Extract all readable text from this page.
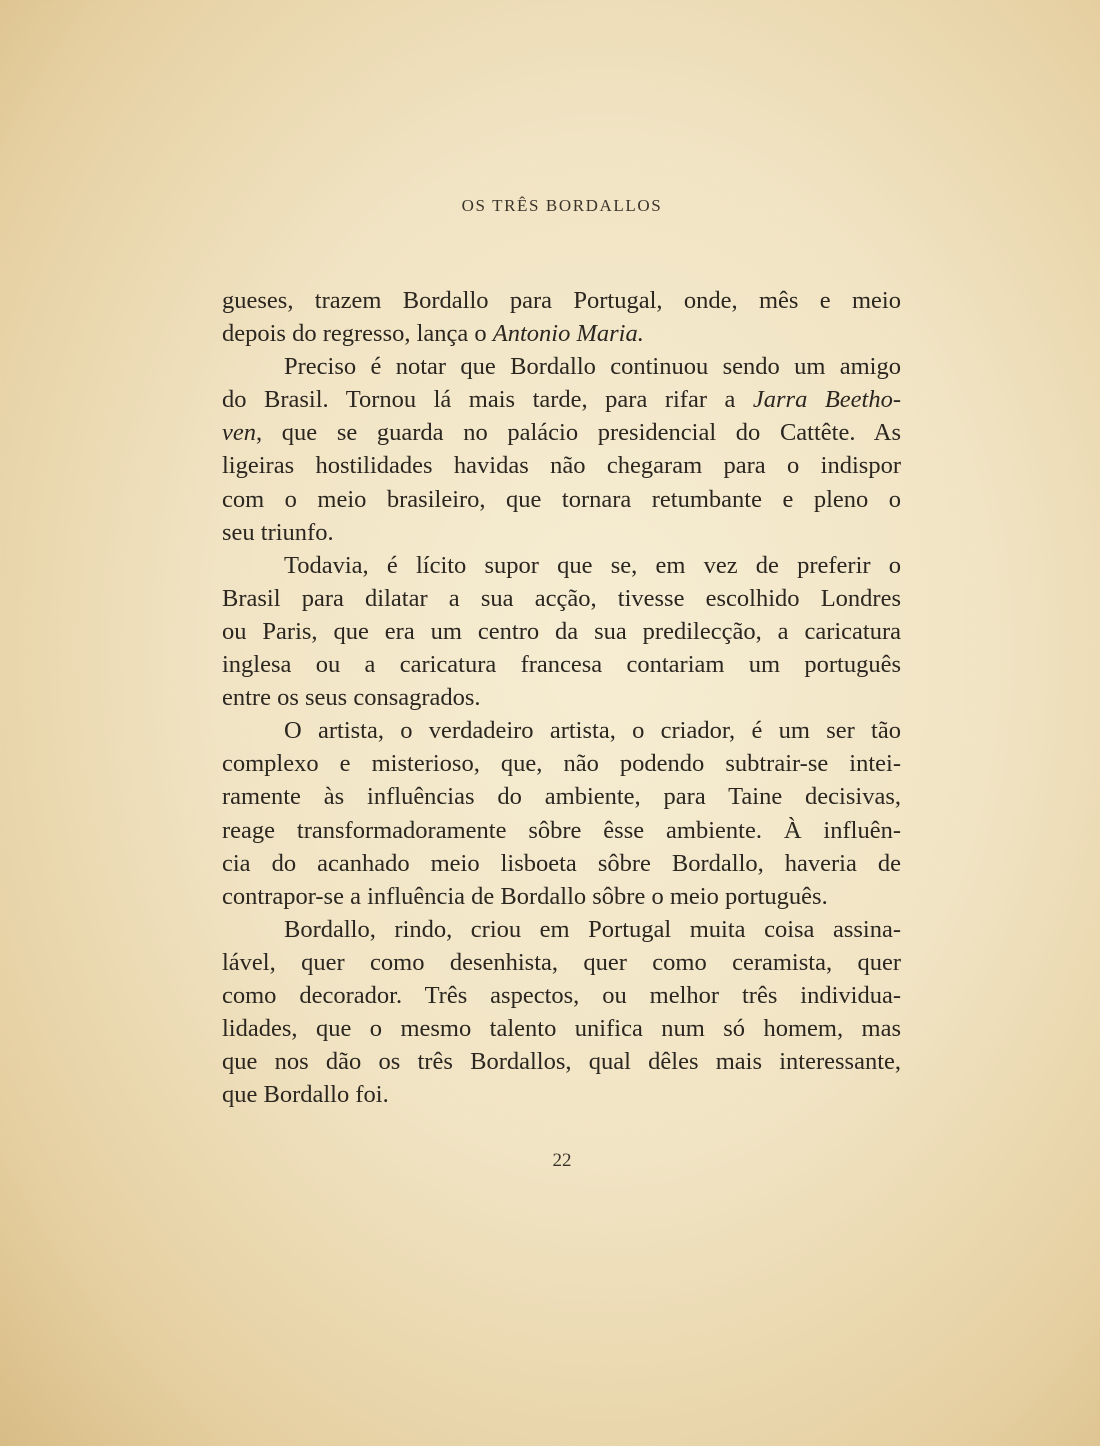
OS TRÊS BORDALLOS
gueses, trazem Bordallo para Portugal, onde, mês e meio
depois do regresso, lança o Antonio Maria.
Preciso é notar que Bordallo continuou sendo um amigo
do Brasil. Tornou lá mais tarde, para rifar a Jarra Beetho-
ven, que se guarda no palácio presidencial do Cattête. As
ligeiras hostilidades havidas não chegaram para o indispor
com o meio brasileiro, que tornara retumbante e pleno o
seu triunfo.
Todavia, é lícito supor que se, em vez de preferir o
Brasil para dilatar a sua acção, tivesse escolhido Londres
ou Paris, que era um centro da sua predilecção, a caricatura
inglesa ou a caricatura francesa contariam um português
entre os seus consagrados.
O artista, o verdadeiro artista, o criador, é um ser tão
complexo e misterioso, que, não podendo subtrair-se intei-
ramente às influências do ambiente, para Taine decisivas,
reage transformadoramente sôbre êsse ambiente. À influên-
cia do acanhado meio lisboeta sôbre Bordallo, haveria de
contrapor-se a influência de Bordallo sôbre o meio português.
Bordallo, rindo, criou em Portugal muita coisa assina-
lável, quer como desenhista, quer como ceramista, quer
como decorador. Três aspectos, ou melhor três individua-
lidades, que o mesmo talento unifica num só homem, mas
que nos dão os três Bordallos, qual dêles mais interessante,
que Bordallo foi.
22
